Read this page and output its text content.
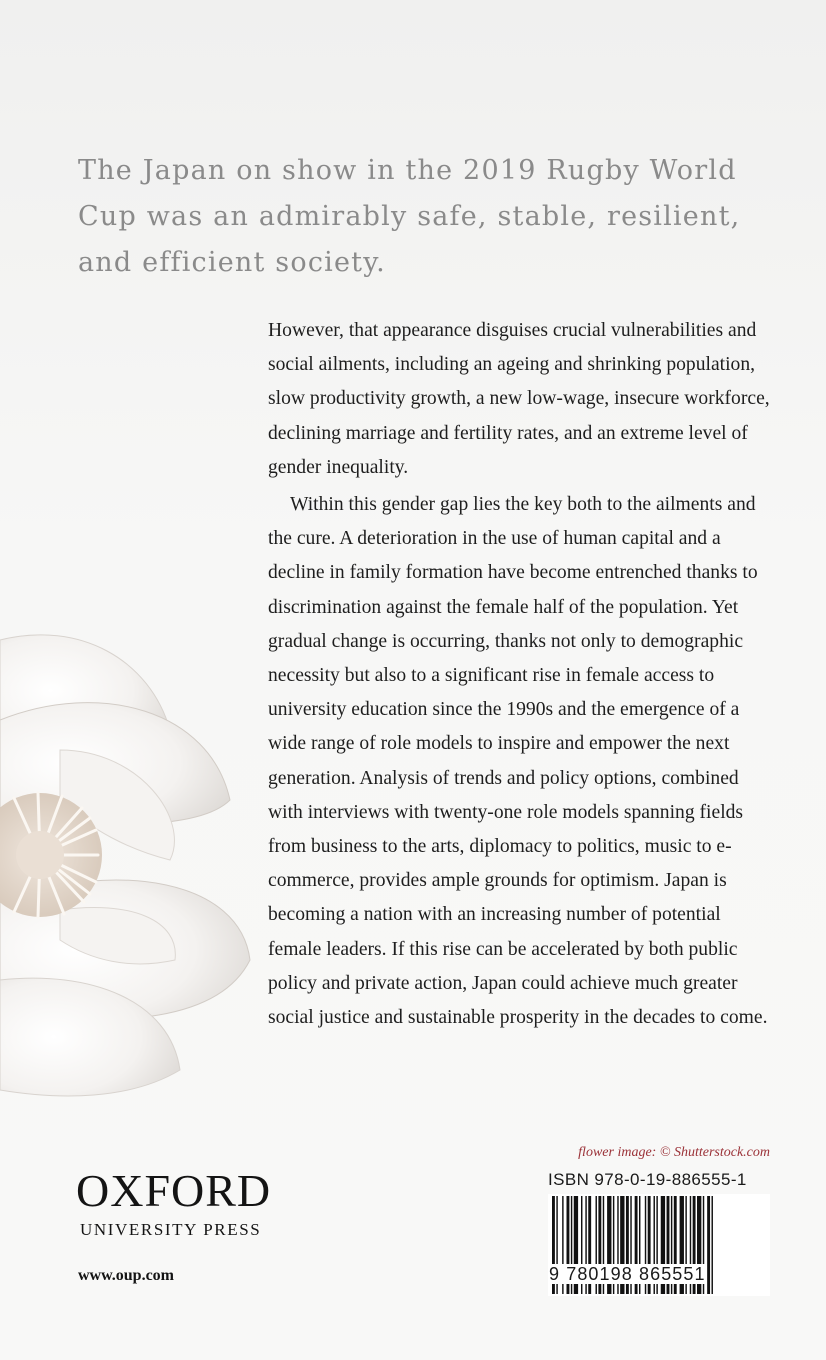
The Japan on show in the 2019 Rugby World Cup was an admirably safe, stable, resilient, and efficient society.

However, that appearance disguises crucial vulnerabilities and social ailments, including an ageing and shrinking population, slow productivity growth, a new low-wage, insecure workforce, declining marriage and fertility rates, and an extreme level of gender inequality.

Within this gender gap lies the key both to the ailments and the cure. A deterioration in the use of human capital and a decline in family formation have become entrenched thanks to discrimination against the female half of the population. Yet gradual change is occurring, thanks not only to demographic necessity but also to a significant rise in female access to university education since the 1990s and the emergence of a wide range of role models to inspire and empower the next generation. Analysis of trends and policy options, combined with interviews with twenty-one role models spanning fields from business to the arts, diplomacy to politics, music to e-commerce, provides ample grounds for optimism. Japan is becoming a nation with an increasing number of potential female leaders. If this rise can be accelerated by both public policy and private action, Japan could achieve much greater social justice and sustainable prosperity in the decades to come.

flower image: © Shutterstock.com
ISBN 978-0-19-886555-1
9 780198 865551
OXFORD
UNIVERSITY PRESS
www.oup.com
